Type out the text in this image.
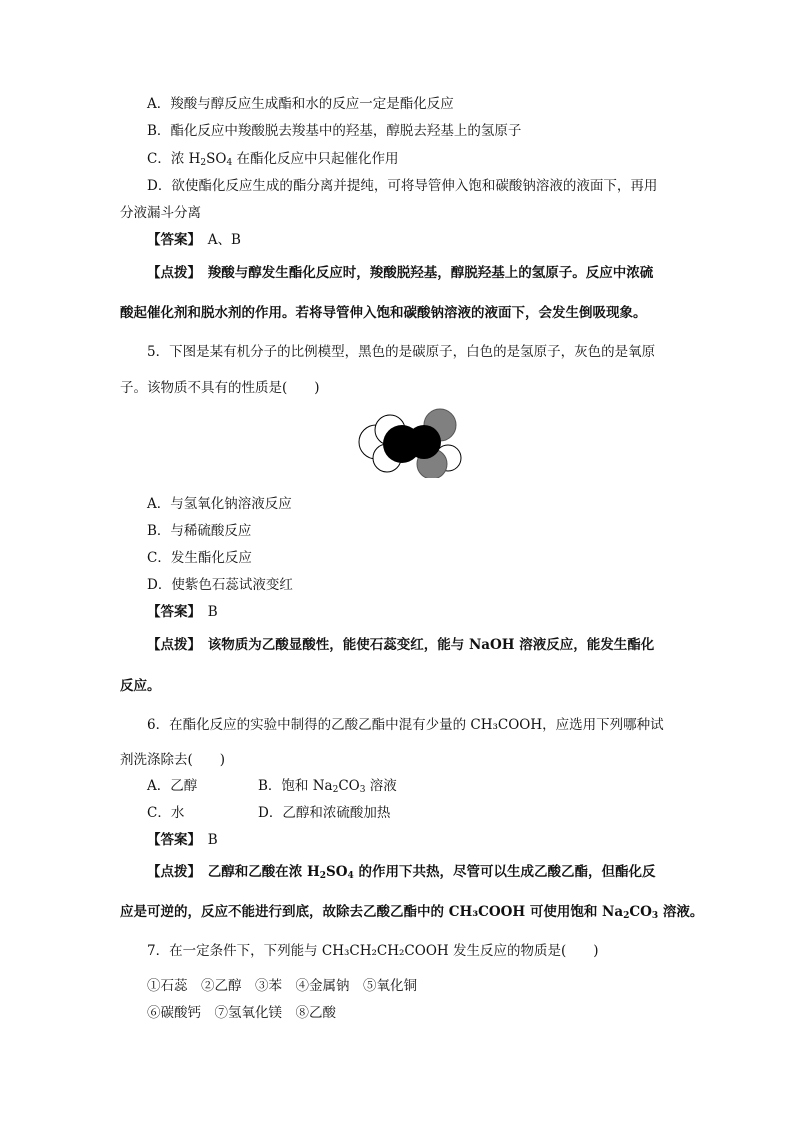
A．羧酸与醇反应生成酯和水的反应一定是酯化反应
B．酯化反应中羧酸脱去羧基中的羟基，醇脱去羟基上的氢原子
C．浓 $H_2SO_4$ 在酯化反应中只起催化作用
D．欲使酯化反应生成的酯分离并提纯，可将导管伸入饱和碳酸钠溶液的液面下，再用
分液漏斗分离
【答案】　 A、B
【点拨】　 羧酸与醇发生酯化反应时，羧酸脱羟基，醇脱羟基上的氢原子。反应中浓硫
酸起催化剂和脱水剂的作用。若将导管伸入饱和碳酸钠溶液的液面下，会发生倒吸现象。
5．下图是某有机分子的比例模型，黑色的是碳原子，白色的是氢原子，灰色的是氧原
子。该物质不具有的性质是(　　)
A．与氢氧化钠溶液反应
B．与稀硫酸反应
C．发生酯化反应
D．使紫色石蕊试液变红
【答案】　 B
【点拨】　 该物质为乙酸显酸性，能使石蕊变红，能与 NaOH 溶液反应，能发生酯化
反应。
6．在酯化反应的实验中制得的乙酸乙酯中混有少量的 CH₃COOH，应选用下列哪种试
剂洗涤除去(　　)
A．乙醇	B．饱和 $Na_2CO_3$ 溶液
C．水	D．乙醇和浓硫酸加热
【答案】　 B
【点拨】　 乙醇和乙酸在浓 $H_2SO_4$ 的作用下共热，尽管可以生成乙酸乙酯，但酯化反
应是可逆的，反应不能进行到底，故除去乙酸乙酯中的 CH₃COOH 可使用饱和 $Na_2CO_3$ 溶液。
7．在一定条件下，下列能与 CH₃CH₂CH₂COOH 发生反应的物质是(　　)
①石蕊　②乙醇　③苯　④金属钠　⑤氧化铜
⑥碳酸钙　⑦氢氧化镁　⑧乙酸
